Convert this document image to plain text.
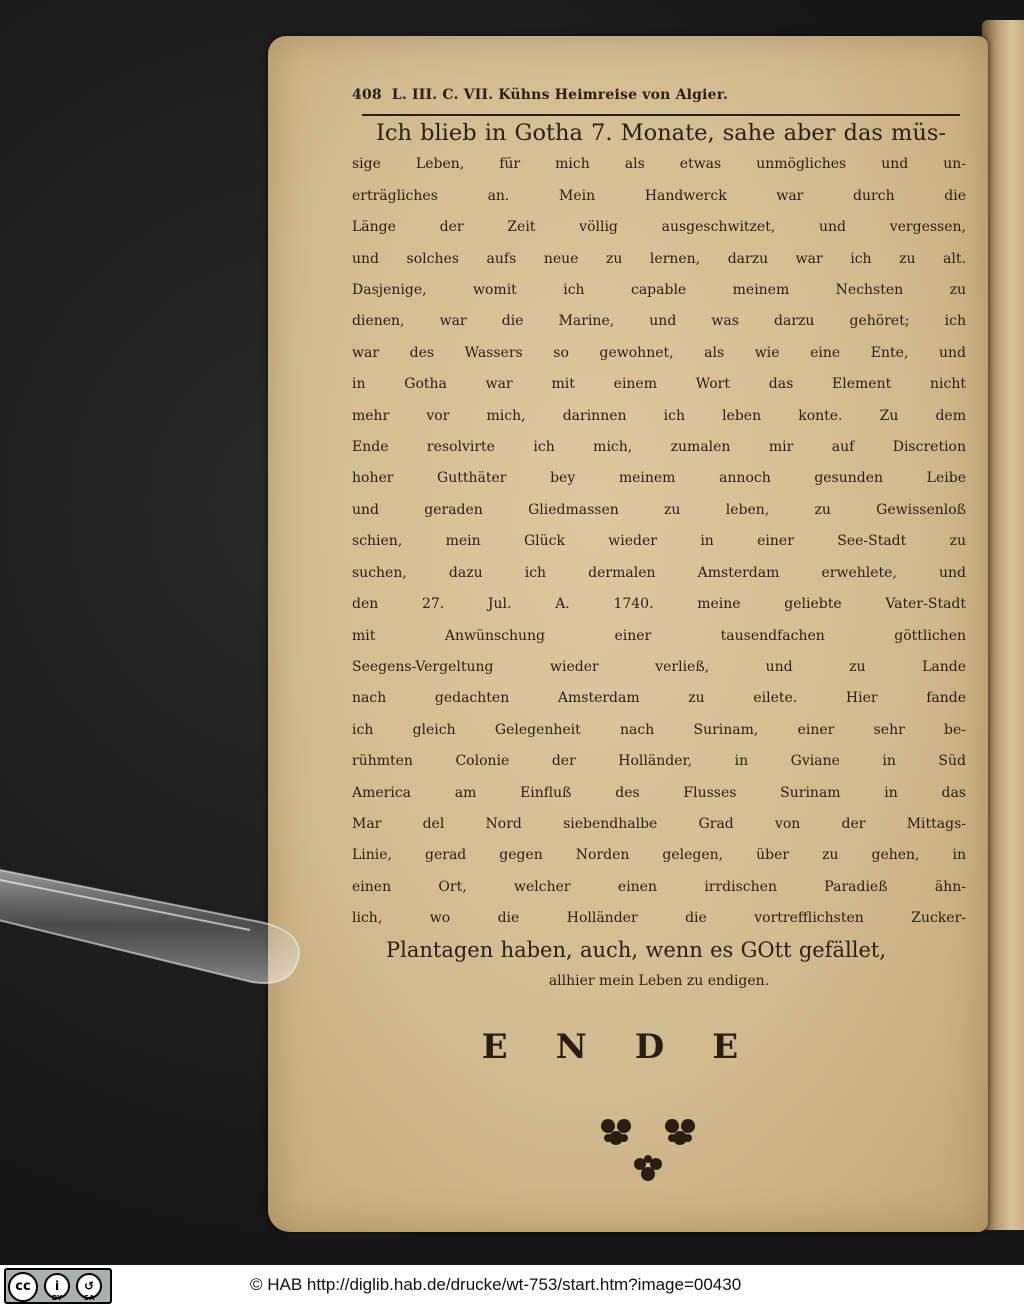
408 L. III. C. VII. Kühns Heimreise von Algier.
Ich blieb in Gotha 7. Monate, sahe aber das müs-
sige Leben, für mich als etwas unmögliches und un-
erträgliches an. Mein Handwerck war durch die
Länge der Zeit völlig ausgeschwitzet, und vergessen,
und solches aufs neue zu lernen, darzu war ich zu alt.
Dasjenige, womit ich capable meinem Nechsten zu
dienen, war die Marine, und was darzu gehöret; ich
war des Wassers so gewohnet, als wie eine Ente, und
in Gotha war mit einem Wort das Element nicht
mehr vor mich, darinnen ich leben konte. Zu dem
Ende resolvirte ich mich, zumalen mir auf Discretion
hoher Gutthäter bey meinem annoch gesunden Leibe
und geraden Gliedmassen zu leben, zu Gewissenloß
schien, mein Glück wieder in einer See-Stadt zu
suchen, dazu ich dermalen Amsterdam erwehlete, und
den 27. Jul. A. 1740. meine geliebte Vater-Stadt
mit Anwünschung einer tausendfachen göttlichen
Seegens-Vergeltung wieder verließ, und zu Lande
nach gedachten Amsterdam zu eilete. Hier fande
ich gleich Gelegenheit nach Surinam, einer sehr be-
rühmten Colonie der Holländer, in Gviane in Süd
America am Einfluß des Flusses Surinam in das
Mar del Nord siebendhalbe Grad von der Mittags-
Linie, gerad gegen Norden gelegen, über zu gehen, in
einen Ort, welcher einen irrdischen Paradieß ähn-
lich, wo die Holländer die vortrefflichsten Zucker-
Plantagen haben, auch, wenn es GOtt gefället,
allhier mein Leben zu endigen.
ENDE
cc	i	↺
BY	SA
© HAB http://diglib.hab.de/drucke/wt-753/start.htm?image=00430
